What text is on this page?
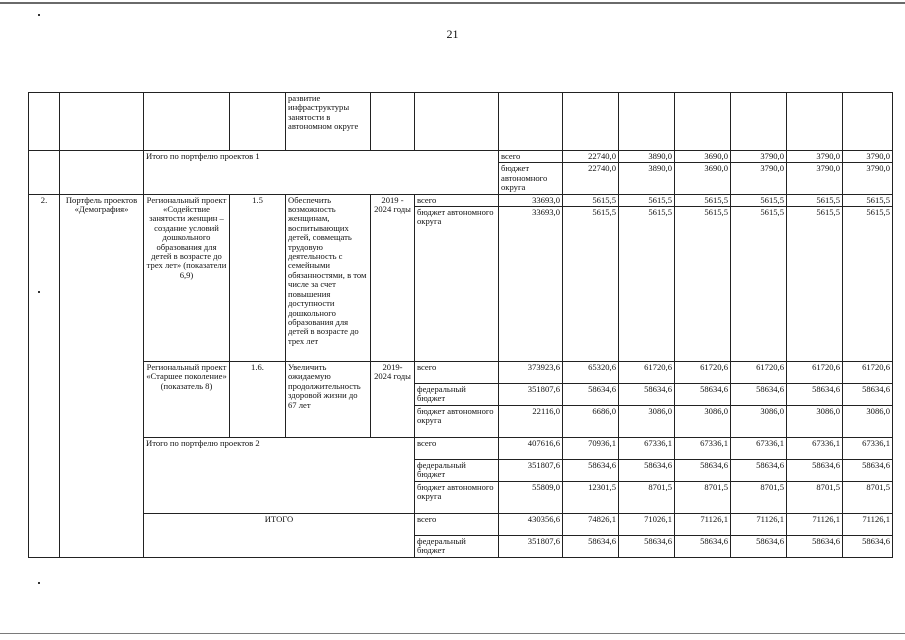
21
				развитие инфраструктуры занятости в автономном округе										
		Итого по портфелю проектов 1					всего	22740,0	3890,0	3690,0	3790,0	3790,0	3790,0	
							бюджет автономного округа	22740,0	3890,0	3690,0	3790,0	3790,0	3790,0	
2.	Портфель проектов «Демография»	Региональный проект «Содействие занятости женщин – создание условий дошкольного образования для детей в возрасте до трех лет» (показатели 6,9)	1.5	Обеспечить возможность женщинам, воспитывающих детей, совмещать трудовую деятельность с семейными обязанностями, в том числе за счет повышения доступности дошкольного образования для детей в возрасте до трех лет	2019 - 2024 годы	всего	33693,0	5615,5	5615,5	5615,5	5615,5	5615,5	5615,5	
						бюджет автономного округа	33693,0	5615,5	5615,5	5615,5	5615,5	5615,5	5615,5	
		Региональный проект «Старшее поколение» (показатель 8)	1.6.	Увеличить ожидаемую продолжительность здоровой жизни до 67 лет	2019- 2024 годы	всего	373923,6	65320,6	61720,6	61720,6	61720,6	61720,6	61720,6	
						федеральный бюджет	351807,6	58634,6	58634,6	58634,6	58634,6	58634,6	58634,6	
						бюджет автономного округа	22116,0	6686,0	3086,0	3086,0	3086,0	3086,0	3086,0	
		Итого по портфелю проектов 2				всего	407616,6	70936,1	67336,1	67336,1	67336,1	67336,1	67336,1	
						федеральный бюджет	351807,6	58634,6	58634,6	58634,6	58634,6	58634,6	58634,6	
						бюджет автономного округа	55809,0	12301,5	8701,5	8701,5	8701,5	8701,5	8701,5	
		ИТОГО				всего	430356,6	74826,1	71026,1	71126,1	71126,1	71126,1	71126,1	
						федеральный бюджет	351807,6	58634,6	58634,6	58634,6	58634,6	58634,6	58634,6	
